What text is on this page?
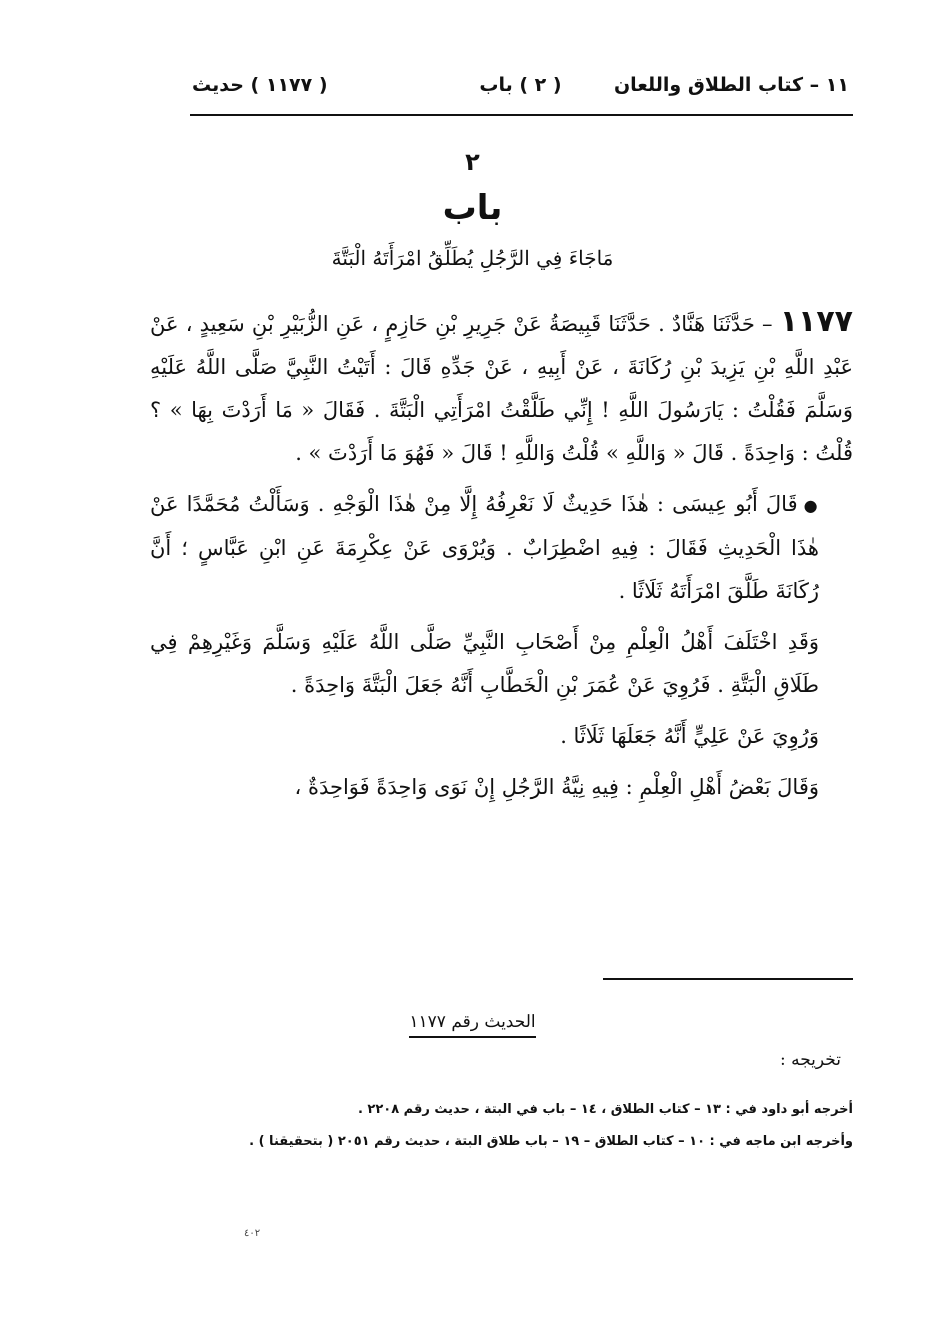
١١ – كتاب الطلاق واللعان
( ٢ ) باب
( ١١٧٧ ) حديث
٢
باب
مَاجَاءَ فِي الرَّجُلِ يُطَلِّقُ امْرَأَتَهُ الْبَتَّةَ

١١٧٧ – حَدَّثَنَا هَنَّادٌ . حَدَّثَنَا قَبِيصَةُ عَنْ جَرِيرِ بْنِ حَازِمٍ ، عَنِ الزُّبَيْرِ بْنِ سَعِيدٍ ، عَنْ عَبْدِ اللَّهِ بْنِ يَزِيدَ بْنِ رُكَانَةَ ، عَنْ أَبِيهِ ، عَنْ جَدِّهِ قَالَ : أَتَيْتُ النَّبِيَّ صَلَّى اللَّهُ عَلَيْهِ وَسَلَّمَ فَقُلْتُ : يَارَسُولَ اللَّهِ ! إِنِّي طَلَّقْتُ امْرَأَتِي الْبَتَّةَ . فَقَالَ « مَا أَرَدْتَ بِهَا » ؟ قُلْتُ : وَاحِدَةً . قَالَ « وَاللَّهِ » قُلْتُ وَاللَّهِ ! قَالَ « فَهُوَ مَا أَرَدْتَ » .

●قَالَ أَبُو عِيسَى : هٰذَا حَدِيثٌ لَا نَعْرِفُهُ إِلَّا مِنْ هٰذَا الْوَجْهِ . وَسَأَلْتُ مُحَمَّدًا عَنْ هٰذَا الْحَدِيثِ فَقَالَ : فِيهِ اضْطِرَابٌ . وَيُرْوَى عَنْ عِكْرِمَةَ عَنِ ابْنِ عَبَّاسٍ ؛ أَنَّ رُكَانَةَ طَلَّقَ امْرَأَتَهُ ثَلَاثًا .

وَقَدِ اخْتَلَفَ أَهْلُ الْعِلْمِ مِنْ أَصْحَابِ النَّبِيِّ صَلَّى اللَّهُ عَلَيْهِ وَسَلَّمَ وَغَيْرِهِمْ فِي طَلَاقِ الْبَتَّةِ . فَرُوِيَ عَنْ عُمَرَ بْنِ الْخَطَّابِ أَنَّهُ جَعَلَ الْبَتَّةَ وَاحِدَةً .

وَرُوِيَ عَنْ عَلِيٍّ أَنَّهُ جَعَلَهَا ثَلَاثًا .

وَقَالَ بَعْضُ أَهْلِ الْعِلْمِ : فِيهِ نِيَّةُ الرَّجُلِ إِنْ نَوَى وَاحِدَةً فَوَاحِدَةٌ ،

الحديث رقم ١١٧٧
تخريجه :

أخرجه أبو داود في : ١٣ – كتاب الطلاق ، ١٤ – باب في البتة ، حديث رقم ٢٢٠٨ .

وأخرجه ابن ماجه في : ١٠ – كتاب الطلاق – ١٩ – باب طلاق البتة ، حديث رقم ٢٠٥١ ( بتحقيقنا ) .

٤٠٢
